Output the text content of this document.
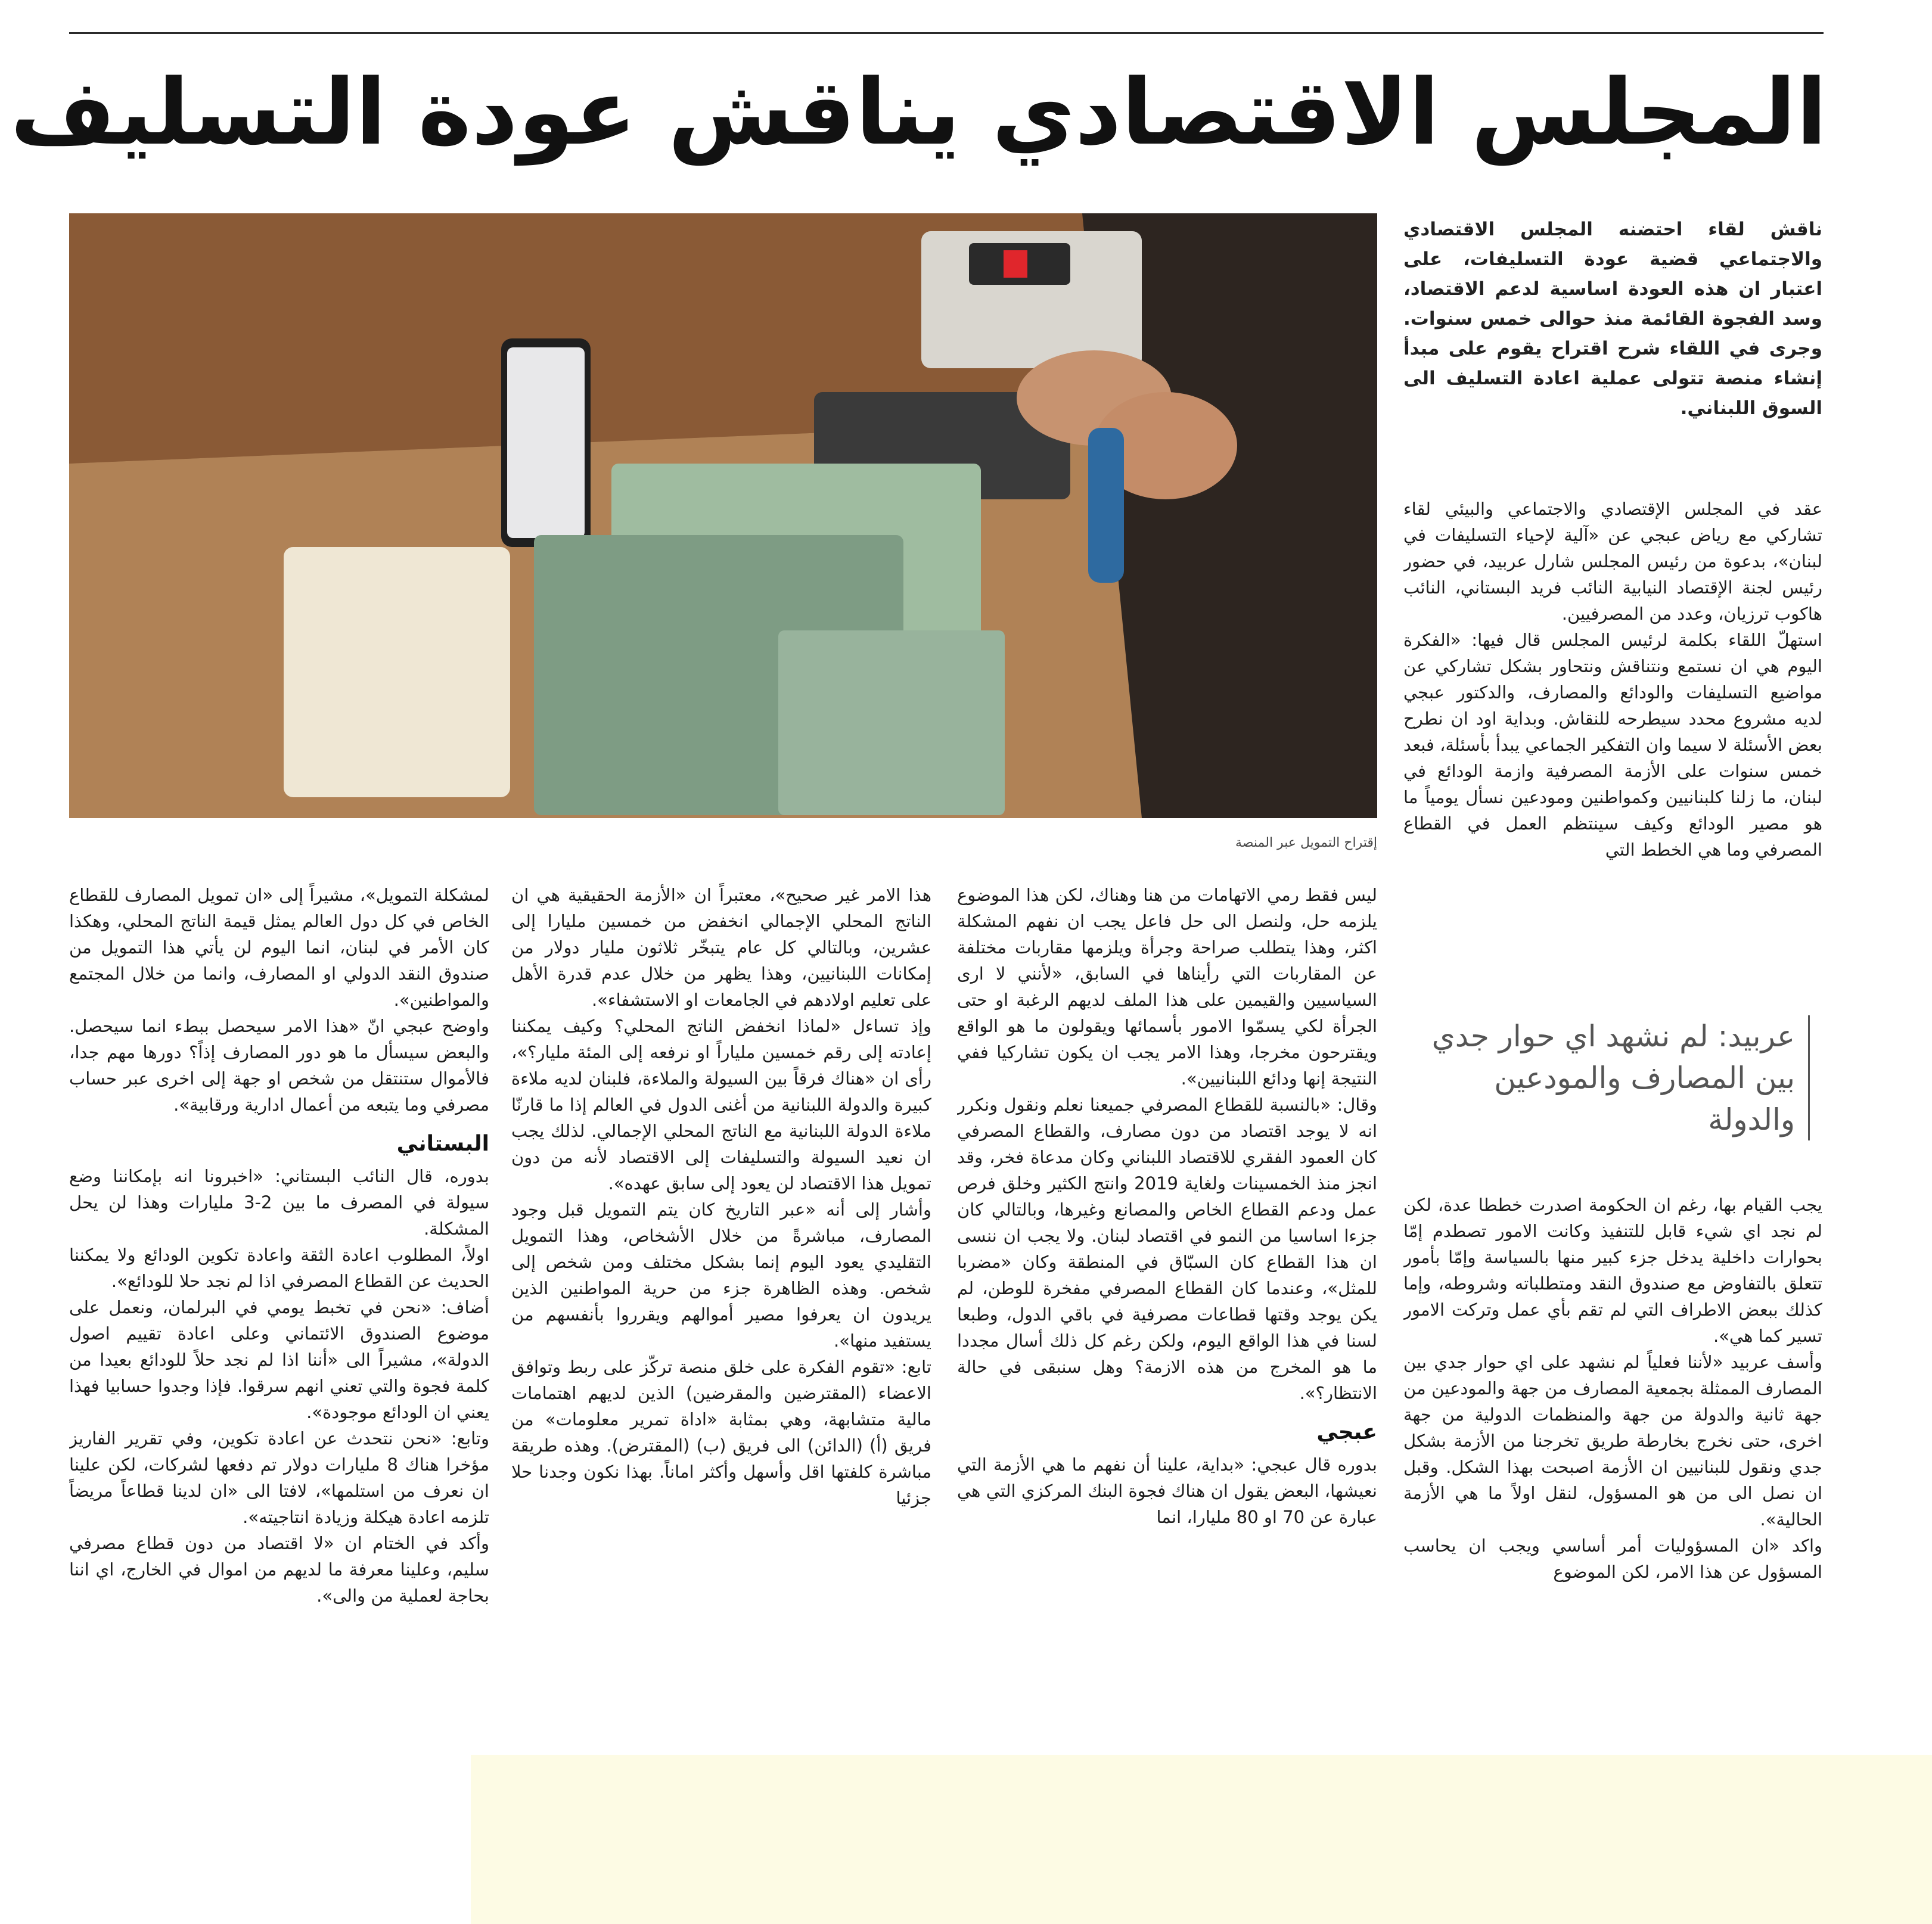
المجلس الاقتصادي يناقش عودة التسليف
إقتراح التمويل عبر المنصة
ناقش لقاء احتضنه المجلس الاقتصادي والاجتماعي قضية عودة التسليفات، على اعتبار ان هذه العودة اساسية لدعم الاقتصاد، وسد الفجوة القائمة منذ حوالى خمس سنوات. وجرى في اللقاء شرح اقتراح يقوم على مبدأ إنشاء منصة تتولى عملية اعادة التسليف الى السوق اللبناني.

عقد في المجلس الإقتصادي والاجتماعي والبيئي لقاء تشاركي مع رياض عبجي عن «آلية لإحياء التسليفات في لبنان»، بدعوة من رئيس المجلس شارل عربيد، في حضور رئيس لجنة الإقتصاد النيابية النائب فريد البستاني، النائب هاكوب ترزيان، وعدد من المصرفيين.

استهلّ اللقاء بكلمة لرئيس المجلس قال فيها: «الفكرة اليوم هي ان نستمع ونتناقش ونتحاور بشكل تشاركي عن مواضيع التسليفات والودائع والمصارف، والدكتور عبجي لديه مشروع محدد سيطرحه للنقاش. وبداية اود ان نطرح بعض الأسئلة لا سيما وان التفكير الجماعي يبدأ بأسئلة، فبعد خمس سنوات على الأزمة المصرفية وازمة الودائع في لبنان، ما زلنا كلبنانيين وكمواطنين ومودعين نسأل يومياً ما هو مصير الودائع وكيف سينتظم العمل في القطاع المصرفي وما هي الخطط التي

عربيد: لم نشهد اي حوار جدي بين المصارف والمودعين والدولة

يجب القيام بها، رغم ان الحكومة اصدرت خططا عدة، لكن لم نجد اي شيء قابل للتنفيذ وكانت الامور تصطدم إمّا بحوارات داخلية يدخل جزء كبير منها بالسياسة وإمّا بأمور تتعلق بالتفاوض مع صندوق النقد ومتطلباته وشروطه، وإما كذلك ببعض الاطراف التي لم تقم بأي عمل وتركت الامور تسير كما هي».

وأسف عربيد «لأننا فعلياً لم نشهد على اي حوار جدي بين المصارف الممثلة بجمعية المصارف من جهة والمودعين من جهة ثانية والدولة من جهة والمنظمات الدولية من جهة اخرى، حتى نخرج بخارطة طريق تخرجنا من الأزمة بشكل جدي ونقول للبنانيين ان الأزمة اصبحت بهذا الشكل. وقبل ان نصل الى من هو المسؤول، لنقل اولاً ما هي الأزمة الحالية».

واكد «ان المسؤوليات أمر أساسي ويجب ان يحاسب المسؤول عن هذا الامر، لكن الموضوع

ليس فقط رمي الاتهامات من هنا وهناك، لكن هذا الموضوع يلزمه حل، ولنصل الى حل فاعل يجب ان نفهم المشكلة اكثر، وهذا يتطلب صراحة وجرأة ويلزمها مقاربات مختلفة عن المقاربات التي رأيناها في السابق، «لأنني لا ارى السياسيين والقيمين على هذا الملف لديهم الرغبة او حتى الجرأة لكي يسمّوا الامور بأسمائها ويقولون ما هو الواقع ويقترحون مخرجا، وهذا الامر يجب ان يكون تشاركيا ففي النتيجة إنها ودائع اللبنانيين».

وقال: «بالنسبة للقطاع المصرفي جميعنا نعلم ونقول ونكرر انه لا يوجد اقتصاد من دون مصارف، والقطاع المصرفي كان العمود الفقري للاقتصاد اللبناني وكان مدعاة فخر، وقد انجز منذ الخمسينات ولغاية 2019 وانتج الكثير وخلق فرص عمل ودعم القطاع الخاص والمصانع وغيرها، وبالتالي كان جزءا اساسيا من النمو في اقتصاد لبنان. ولا يجب ان ننسى ان هذا القطاع كان السبّاق في المنطقة وكان «مضربا للمثل»، وعندما كان القطاع المصرفي مفخرة للوطن، لم يكن يوجد وقتها قطاعات مصرفية في باقي الدول، وطبعا لسنا في هذا الواقع اليوم، ولكن رغم كل ذلك أسال مجددا ما هو المخرج من هذه الازمة؟ وهل سنبقى في حالة الانتظار؟».

عبجي

بدوره قال عبجي: «بداية، علينا أن نفهم ما هي الأزمة التي نعيشها، البعض يقول ان هناك فجوة البنك المركزي التي هي عبارة عن 70 او 80 مليارا، انما

هذا الامر غير صحيح»، معتبراً ان «الأزمة الحقيقية هي ان الناتج المحلي الإجمالي انخفض من خمسين مليارا إلى عشرين، وبالتالي كل عام يتبخّر ثلاثون مليار دولار من إمكانات اللبنانيين، وهذا يظهر من خلال عدم قدرة الأهل على تعليم اولادهم في الجامعات او الاستشفاء».

وإذ تساءل «لماذا انخفض الناتج المحلي؟ وكيف يمكننا إعادته إلى رقم خمسين ملياراً او نرفعه إلى المئة مليار؟»، رأى ان «هناك فرقاً بين السيولة والملاءة، فلبنان لديه ملاءة كبيرة والدولة اللبنانية من أغنى الدول في العالم إذا ما قارنّا ملاءة الدولة اللبنانية مع الناتج المحلي الإجمالي. لذلك يجب ان نعيد السيولة والتسليفات إلى الاقتصاد لأنه من دون تمويل هذا الاقتصاد لن يعود إلى سابق عهده».

وأشار إلى أنه «عبر التاريخ كان يتم التمويل قبل وجود المصارف، مباشرةً من خلال الأشخاص، وهذا التمويل التقليدي يعود اليوم إنما بشكل مختلف ومن شخص إلى شخص. وهذه الظاهرة جزء من حرية المواطنين الذين يريدون ان يعرفوا مصير أموالهم ويقرروا بأنفسهم من يستفيد منها».

تابع: «تقوم الفكرة على خلق منصة تركّز على ربط وتوافق الاعضاء (المقترضين والمقرضين) الذين لديهم اهتمامات مالية متشابهة، وهي بمثابة «اداة تمرير معلومات» من فريق (أ) (الدائن) الى فريق (ب) (المقترض). وهذه طريقة مباشرة كلفتها اقل وأسهل وأكثر اماناً. بهذا نكون وجدنا حلا جزئيا

لمشكلة التمويل»، مشيراً إلى «ان تمويل المصارف للقطاع الخاص في كل دول العالم يمثل قيمة الناتج المحلي، وهكذا كان الأمر في لبنان، انما اليوم لن يأتي هذا التمويل من صندوق النقد الدولي او المصارف، وانما من خلال المجتمع والمواطنين».

واوضح عبجي انّ «هذا الامر سيحصل ببطء انما سيحصل. والبعض سيسأل ما هو دور المصارف إذاً؟ دورها مهم جدا، فالأموال ستنتقل من شخص او جهة إلى اخرى عبر حساب مصرفي وما يتبعه من أعمال ادارية ورقابية».

البستاني

بدوره، قال النائب البستاني: «اخبرونا انه بإمكاننا وضع سيولة في المصرف ما بين 2-3 مليارات وهذا لن يحل المشكلة.

اولاً، المطلوب اعادة الثقة واعادة تكوين الودائع ولا يمكننا الحديث عن القطاع المصرفي اذا لم نجد حلا للودائع».

أضاف: «نحن في تخبط يومي في البرلمان، ونعمل على موضوع الصندوق الائتماني وعلى اعادة تقييم اصول الدولة»، مشيراً الى «أننا اذا لم نجد حلاً للودائع بعيدا من كلمة فجوة والتي تعني انهم سرقوا. فإذا وجدوا حسابيا فهذا يعني ان الودائع موجودة».

وتابع: «نحن نتحدث عن اعادة تكوين، وفي تقرير الفاريز مؤخرا هناك 8 مليارات دولار تم دفعها لشركات، لكن علينا ان نعرف من استلمها»، لافتا الى «ان لدينا قطاعاً مريضاً تلزمه اعادة هيكلة وزيادة انتاجيته».

وأكد في الختام ان «لا اقتصاد من دون قطاع مصرفي سليم، وعلينا معرفة ما لديهم من اموال في الخارج، اي اننا بحاجة لعملية من والى».
